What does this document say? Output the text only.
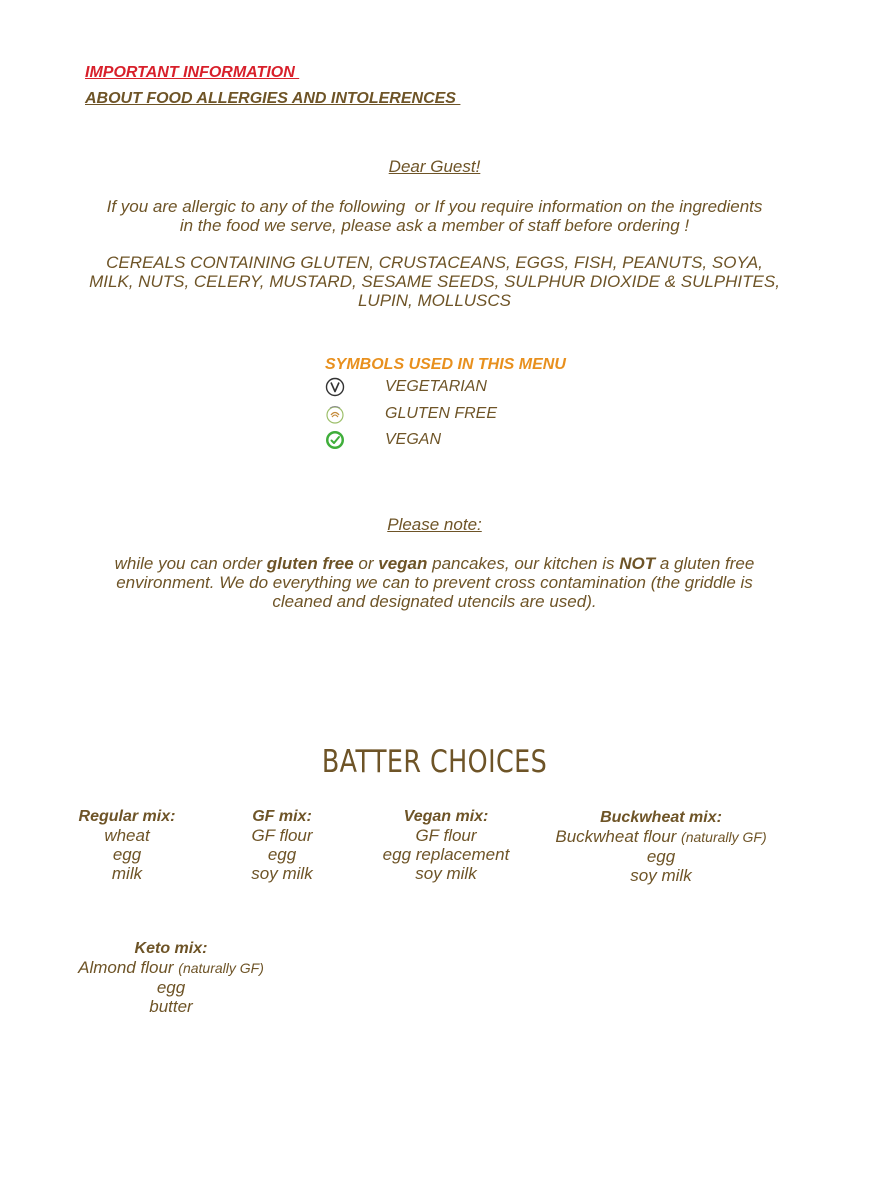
IMPORTANT INFORMATION
ABOUT FOOD ALLERGIES AND INTOLERENCES
Dear Guest!
If you are allergic to any of the following  or If you require information on the ingredients
in the food we serve, please ask a member of staff before ordering !
CEREALS CONTAINING GLUTEN, CRUSTACEANS, EGGS, FISH, PEANUTS, SOYA,
MILK, NUTS, CELERY, MUSTARD, SESAME SEEDS, SULPHUR DIOXIDE & SULPHITES,
LUPIN, MOLLUSCS
SYMBOLS USED IN THIS MENU
VEGETARIAN
GLUTEN FREE
VEGAN
Please note:
while you can order gluten free or vegan pancakes, our kitchen is NOT a gluten free
environment. We do everything we can to prevent cross contamination (the griddle is
cleaned and designated utencils are used).
BATTER CHOICES
Regular mix:
wheat
egg
milk
GF mix:
GF flour
egg
soy milk
Vegan mix:
GF flour
egg replacement
soy milk
Buckwheat mix:
Buckwheat flour (naturally GF)
egg
soy milk
Keto mix:
Almond flour (naturally GF)
egg
butter
